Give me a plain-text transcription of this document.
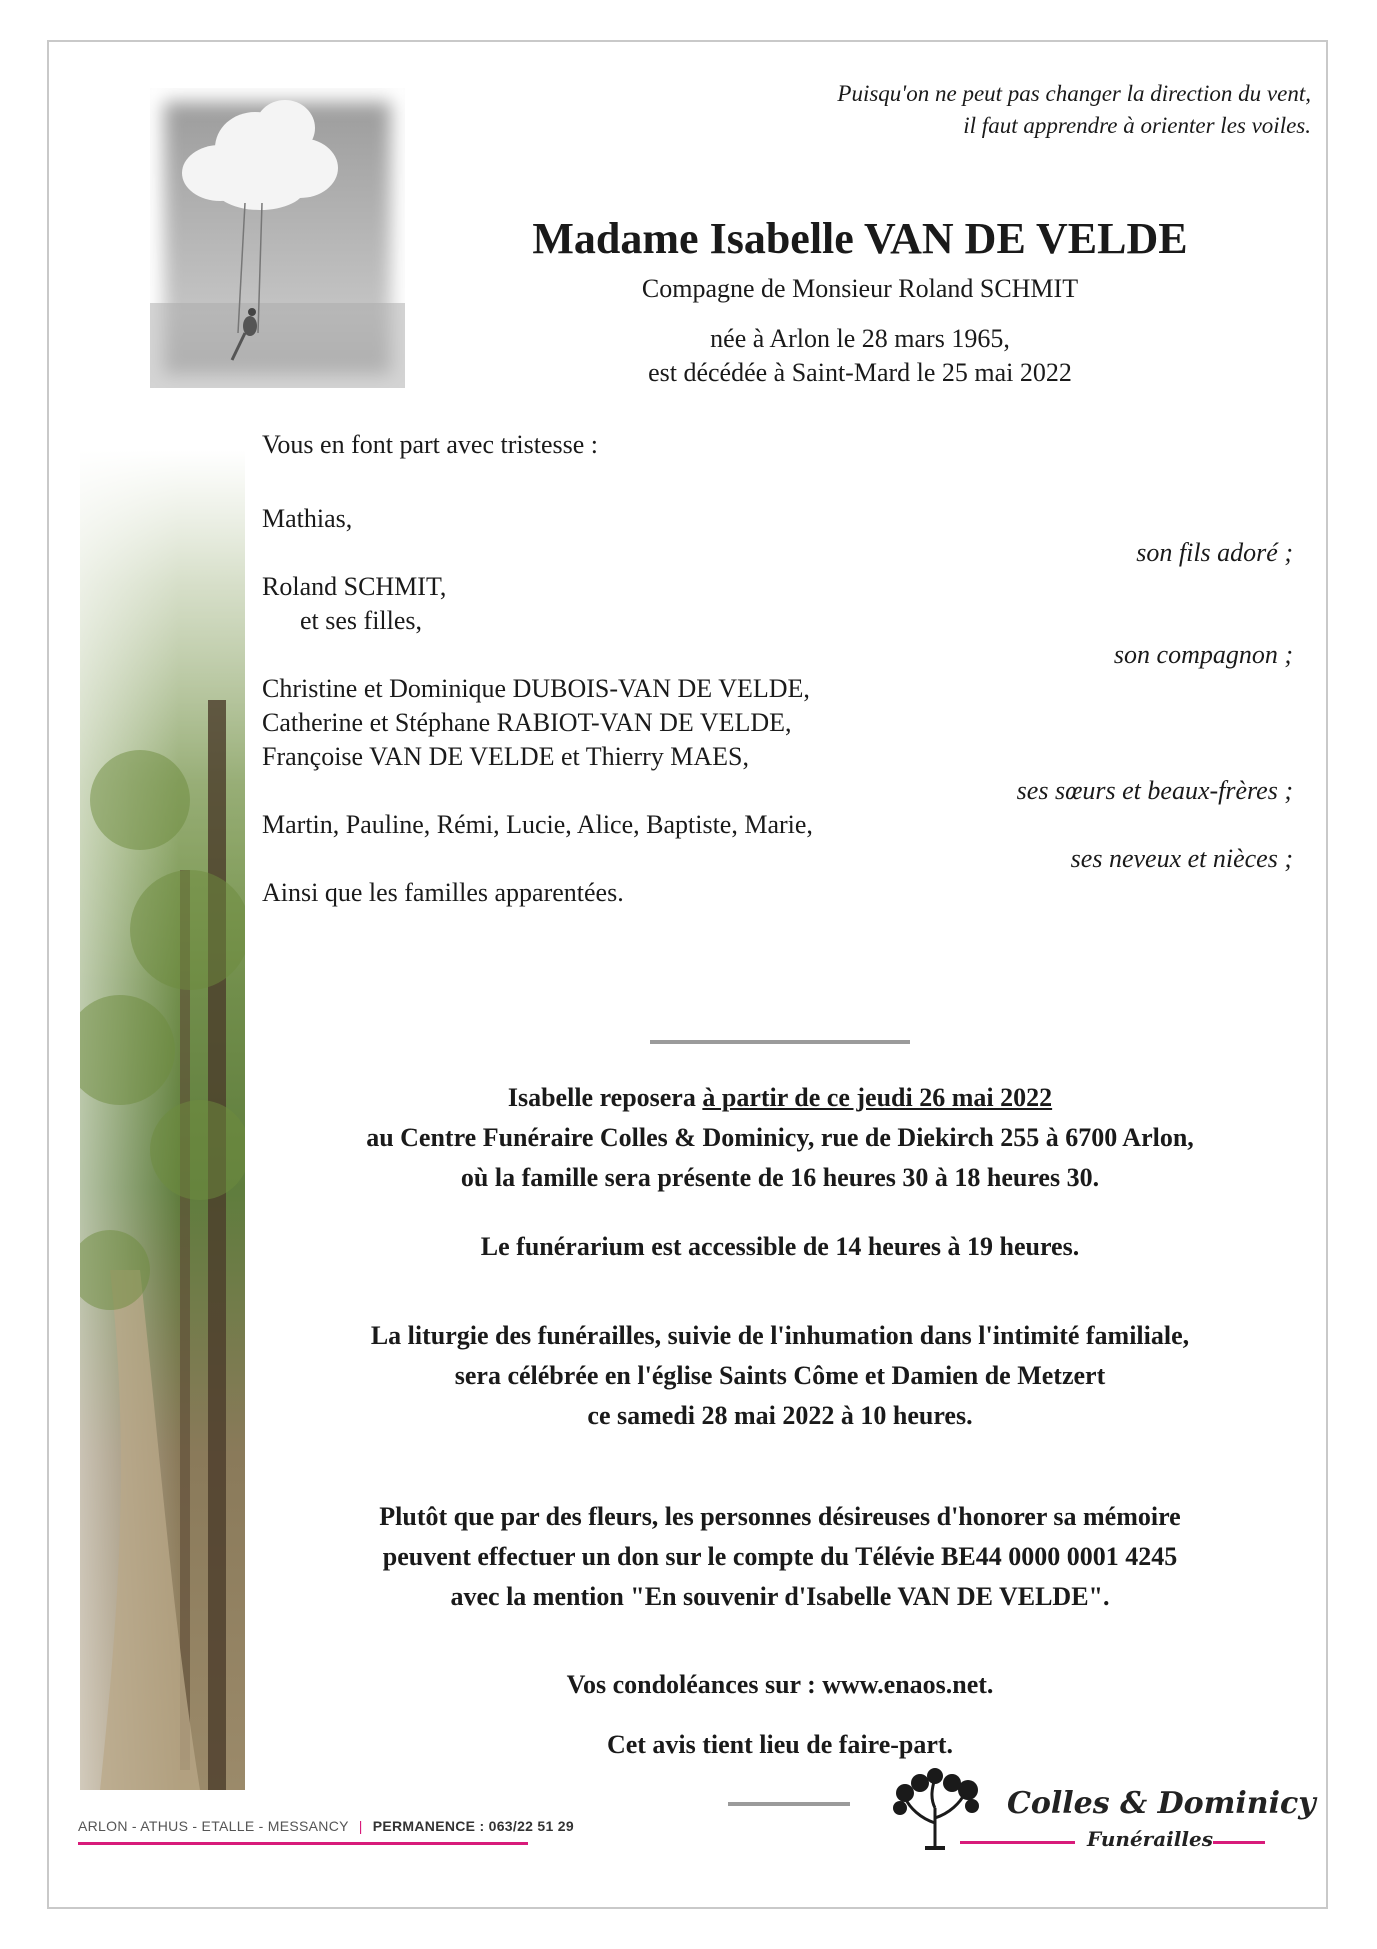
Puisqu'on ne peut pas changer la direction du vent,
il faut apprendre à orienter les voiles.
Madame Isabelle VAN DE VELDE
Compagne de Monsieur Roland SCHMIT
née à Arlon le 28 mars 1965,
est décédée à Saint-Mard le 25 mai 2022
Vous en font part avec tristesse :
Mathias,
son fils adoré ;
Roland SCHMIT,
et ses filles,
son compagnon ;
Christine et Dominique DUBOIS-VAN DE VELDE,
Catherine et Stéphane RABIOT-VAN DE VELDE,
Françoise VAN DE VELDE et Thierry MAES,
ses sœurs et beaux-frères ;
Martin, Pauline, Rémi, Lucie, Alice, Baptiste, Marie,
ses neveux et nièces ;
Ainsi que les familles apparentées.
Isabelle reposera à partir de ce jeudi 26 mai 2022
au Centre Funéraire Colles & Dominicy, rue de Diekirch 255 à 6700 Arlon,
où la famille sera présente de 16 heures 30 à 18 heures 30.
Le funérarium est accessible de 14 heures à 19 heures.
La liturgie des funérailles, suivie de l'inhumation dans l'intimité familiale,
sera célébrée en l'église Saints Côme et Damien de Metzert
ce samedi 28 mai 2022 à 10 heures.
Plutôt que par des fleurs, les personnes désireuses d'honorer sa mémoire
peuvent effectuer un don sur le compte du Télévie BE44 0000 0001 4245
avec la mention "En souvenir d'Isabelle VAN DE VELDE".
Vos condoléances sur : www.enaos.net.
Cet avis tient lieu de faire-part.
ARLON - ATHUS - ETALLE - MESSANCY | PERMANENCE : 063/22 51 29
Colles & Dominicy
Funérailles
